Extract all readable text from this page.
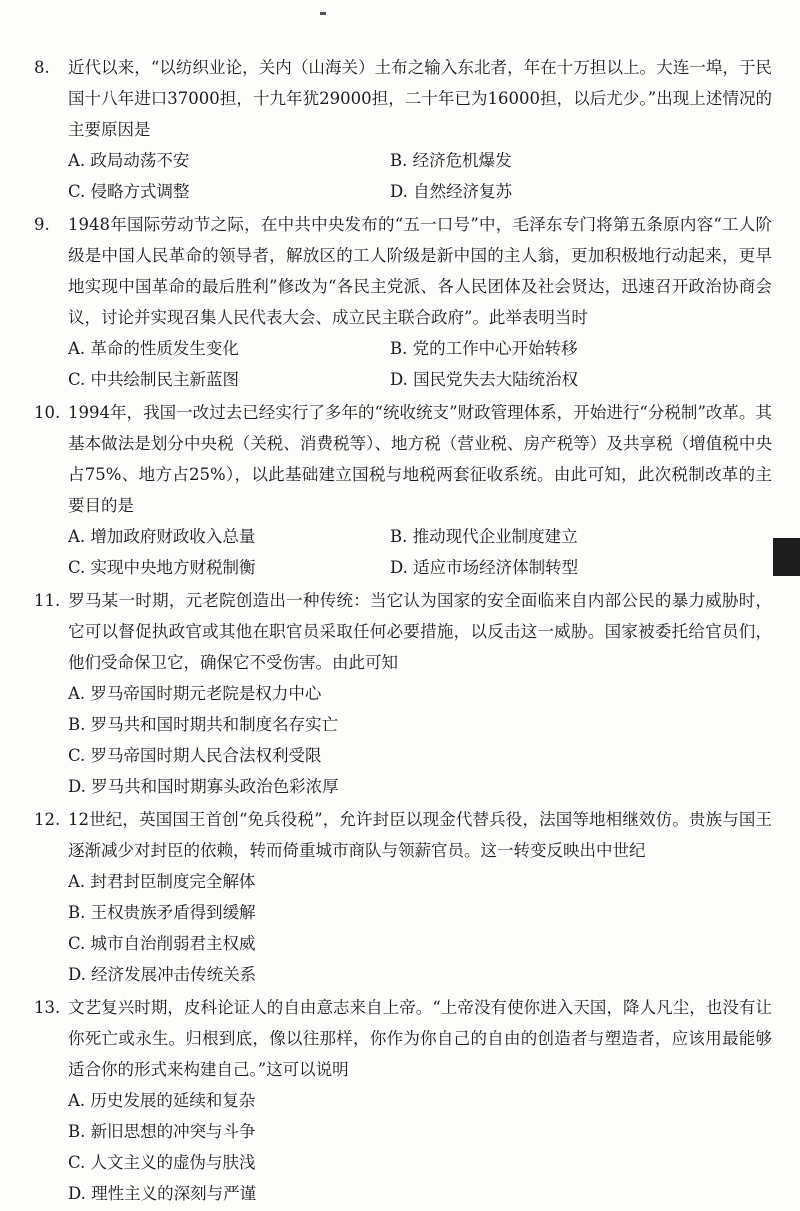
8. 近代以来，“以纺织业论，关内（山海关）土布之输入东北者，年在十万担以上。大连一埠，于民国十八年进口37000担，十九年犹29000担，二十年已为16000担，以后尤少。”出现上述情况的主要原因是

A. 政局动荡不安	B. 经济危机爆发
C. 侵略方式调整	D. 自然经济复苏

9. 1948年国际劳动节之际，在中共中央发布的“五一口号”中，毛泽东专门将第五条原内容“工人阶级是中国人民革命的领导者，解放区的工人阶级是新中国的主人翁，更加积极地行动起来，更早地实现中国革命的最后胜利”修改为“各民主党派、各人民团体及社会贤达，迅速召开政治协商会议，讨论并实现召集人民代表大会、成立民主联合政府”。此举表明当时

A. 革命的性质发生变化	B. 党的工作中心开始转移
C. 中共绘制民主新蓝图	D. 国民党失去大陆统治权

10. 1994年，我国一改过去已经实行了多年的“统收统支”财政管理体系，开始进行“分税制”改革。其基本做法是划分中央税（关税、消费税等）、地方税（营业税、房产税等）及共享税（增值税中央占75%、地方占25%），以此基础建立国税与地税两套征收系统。由此可知，此次税制改革的主要目的是

A. 增加政府财政收入总量	B. 推动现代企业制度建立
C. 实现中央地方财税制衡	D. 适应市场经济体制转型

11. 罗马某一时期，元老院创造出一种传统：当它认为国家的安全面临来自内部公民的暴力威胁时，它可以督促执政官或其他在职官员采取任何必要措施，以反击这一威胁。国家被委托给官员们，他们受命保卫它，确保它不受伤害。由此可知

A. 罗马帝国时期元老院是权力中心
B. 罗马共和国时期共和制度名存实亡
C. 罗马帝国时期人民合法权利受限
D. 罗马共和国时期寡头政治色彩浓厚

12. 12世纪，英国国王首创“免兵役税”，允许封臣以现金代替兵役，法国等地相继效仿。贵族与国王逐渐减少对封臣的依赖，转而倚重城市商队与领薪官员。这一转变反映出中世纪

A. 封君封臣制度完全解体
B. 王权贵族矛盾得到缓解
C. 城市自治削弱君主权威
D. 经济发展冲击传统关系

13. 文艺复兴时期，皮科论证人的自由意志来自上帝。“上帝没有使你进入天国，降人凡尘，也没有让你死亡或永生。归根到底，像以往那样，你作为你自己的自由的创造者与塑造者，应该用最能够适合你的形式来构建自己。”这可以说明

A. 历史发展的延续和复杂
B. 新旧思想的冲突与斗争
C. 人文主义的虚伪与肤浅
D. 理性主义的深刻与严谨
